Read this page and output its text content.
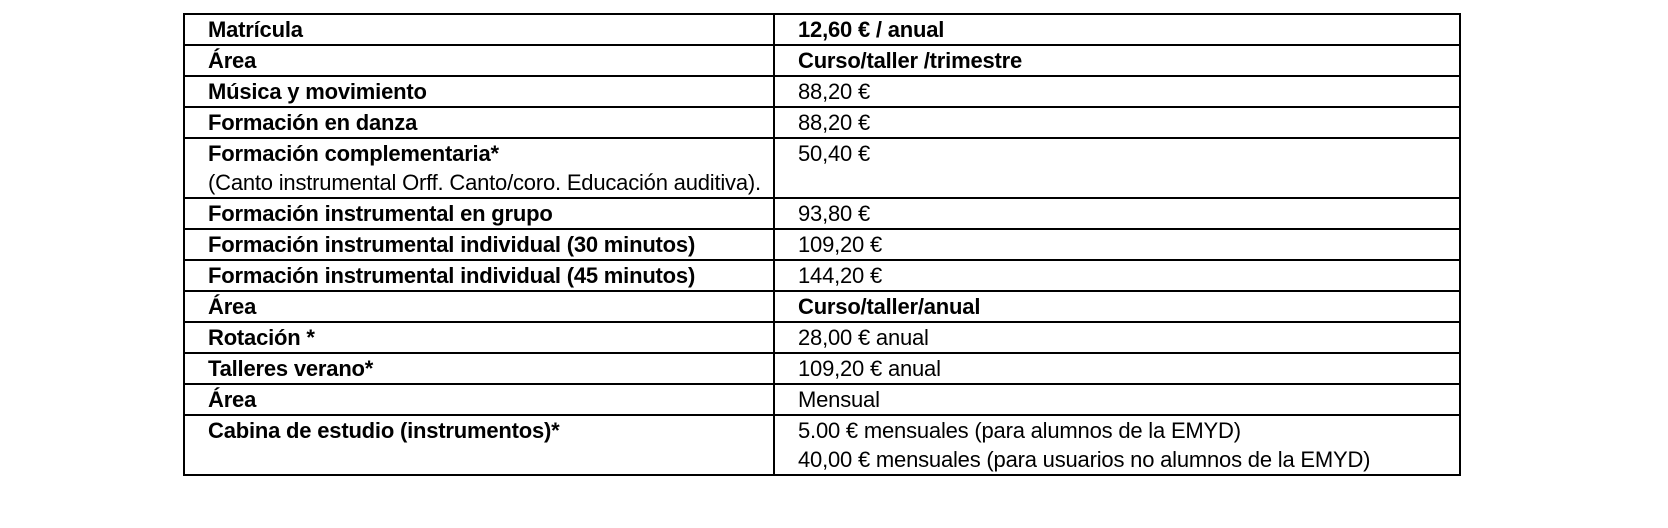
Matrícula	12,60 € / anual
Área	Curso/taller /trimestre
Música y movimiento	88,20 €
Formación en danza	88,20 €

Formación complementaria*
(Canto instrumental Orff. Canto/coro. Educación auditiva).	50,40 €
Formación instrumental en grupo	93,80 €
Formación instrumental individual (30 minutos)	109,20 €
Formación instrumental individual (45 minutos)	144,20 €
Área	Curso/taller/anual
Rotación *	28,00 € anual
Talleres verano*	109,20 € anual
Área	Mensual
Cabina de estudio (instrumentos)*	5.00 € mensuales (para alumnos de la EMYD)
40,00 € mensuales (para usuarios no alumnos de la EMYD)
